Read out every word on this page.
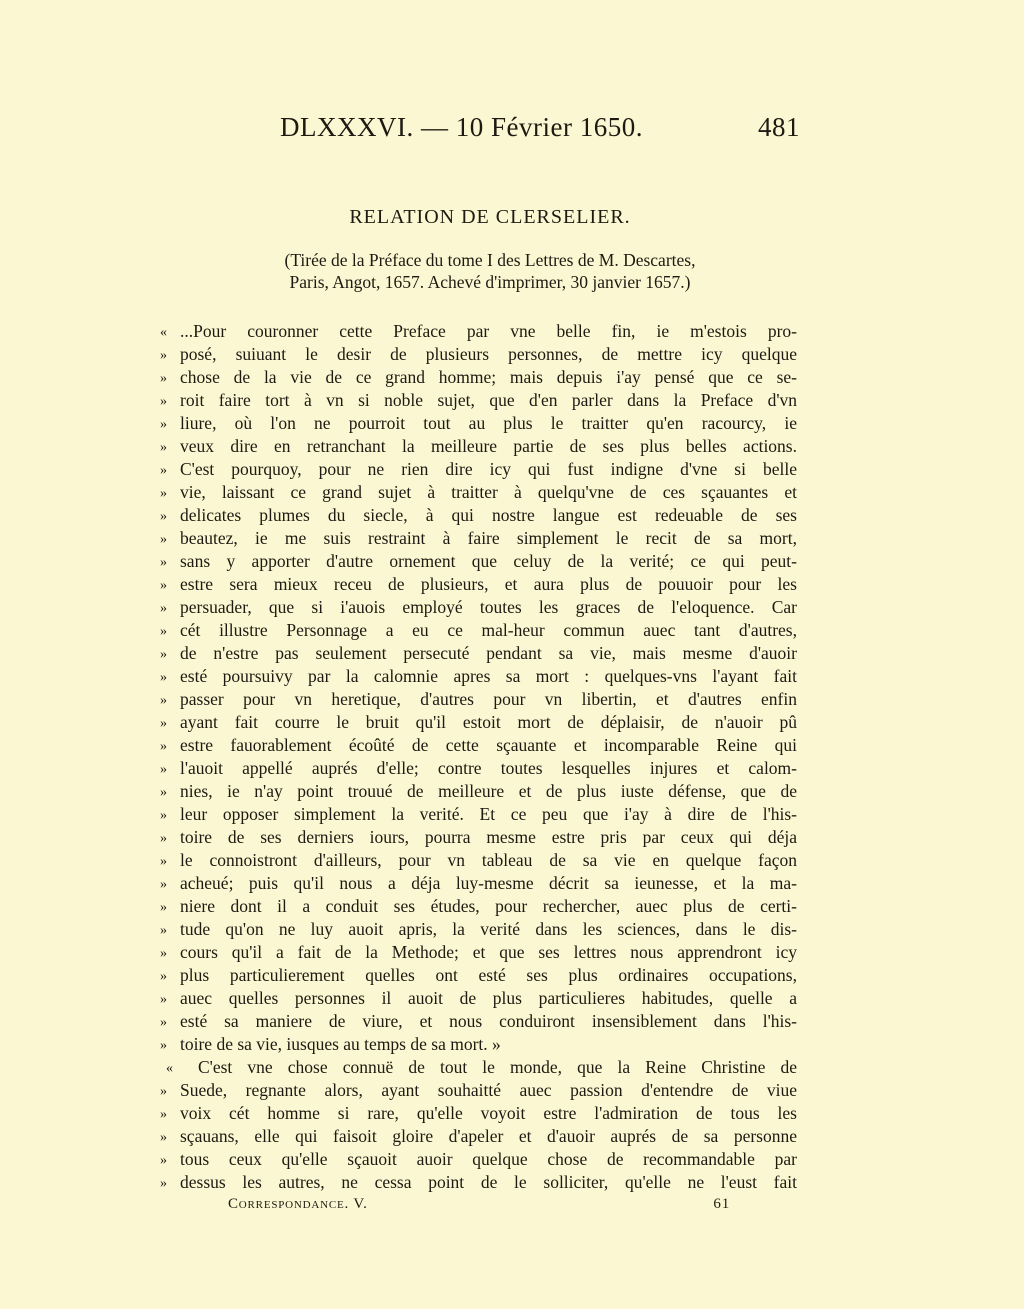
DLXXXVI. — 10 Février 1650.	481
RELATION DE CLERSELIER.
(Tirée de la Préface du tome I des Lettres de M. Descartes,
Paris, Angot, 1657. Achevé d'imprimer, 30 janvier 1657.)
« ...Pour couronner cette Preface par vne belle fin, ie m'estois pro-
» posé, suiuant le desir de plusieurs personnes, de mettre icy quelque
» chose de la vie de ce grand homme; mais depuis i'ay pensé que ce se-
» roit faire tort à vn si noble sujet, que d'en parler dans la Preface d'vn
» liure, où l'on ne pourroit tout au plus le traitter qu'en racourcy, ie
» veux dire en retranchant la meilleure partie de ses plus belles actions.
» C'est pourquoy, pour ne rien dire icy qui fust indigne d'vne si belle
» vie, laissant ce grand sujet à traitter à quelqu'vne de ces sçauantes et
» delicates plumes du siecle, à qui nostre langue est redeuable de ses
» beautez, ie me suis restraint à faire simplement le recit de sa mort,
» sans y apporter d'autre ornement que celuy de la verité; ce qui peut-
» estre sera mieux receu de plusieurs, et aura plus de pouuoir pour les
» persuader, que si i'auois employé toutes les graces de l'eloquence. Car
» cét illustre Personnage a eu ce mal-heur commun auec tant d'autres,
» de n'estre pas seulement persecuté pendant sa vie, mais mesme d'auoir
» esté poursuivy par la calomnie apres sa mort : quelques-vns l'ayant fait
» passer pour vn heretique, d'autres pour vn libertin, et d'autres enfin
» ayant fait courre le bruit qu'il estoit mort de déplaisir, de n'auoir pû
» estre fauorablement écoûté de cette sçauante et incomparable Reine qui
» l'auoit appellé auprés d'elle; contre toutes lesquelles injures et calom-
» nies, ie n'ay point trouué de meilleure et de plus iuste défense, que de
» leur opposer simplement la verité. Et ce peu que i'ay à dire de l'his-
» toire de ses derniers iours, pourra mesme estre pris par ceux qui déja
» le connoistront d'ailleurs, pour vn tableau de sa vie en quelque façon
» acheué; puis qu'il nous a déja luy-mesme décrit sa ieunesse, et la ma-
» niere dont il a conduit ses études, pour rechercher, auec plus de certi-
» tude qu'on ne luy auoit apris, la verité dans les sciences, dans le dis-
» cours qu'il a fait de la Methode; et que ses lettres nous apprendront icy
» plus particulierement quelles ont esté ses plus ordinaires occupations,
» auec quelles personnes il auoit de plus particulieres habitudes, quelle a
» esté sa maniere de viure, et nous conduiront insensiblement dans l'his-
» toire de sa vie, iusques au temps de sa mort. »
«	C'est vne chose connuë de tout le monde, que la Reine Christine de
» Suede, regnante alors, ayant souhaitté auec passion d'entendre de viue
» voix cét homme si rare, qu'elle voyoit estre l'admiration de tous les
» sçauans, elle qui faisoit gloire d'apeler et d'auoir auprés de sa personne
» tous ceux qu'elle sçauoit auoir quelque chose de recommandable par
» dessus les autres, ne cessa point de le solliciter, qu'elle ne l'eust fait
Correspondance. V.	61
